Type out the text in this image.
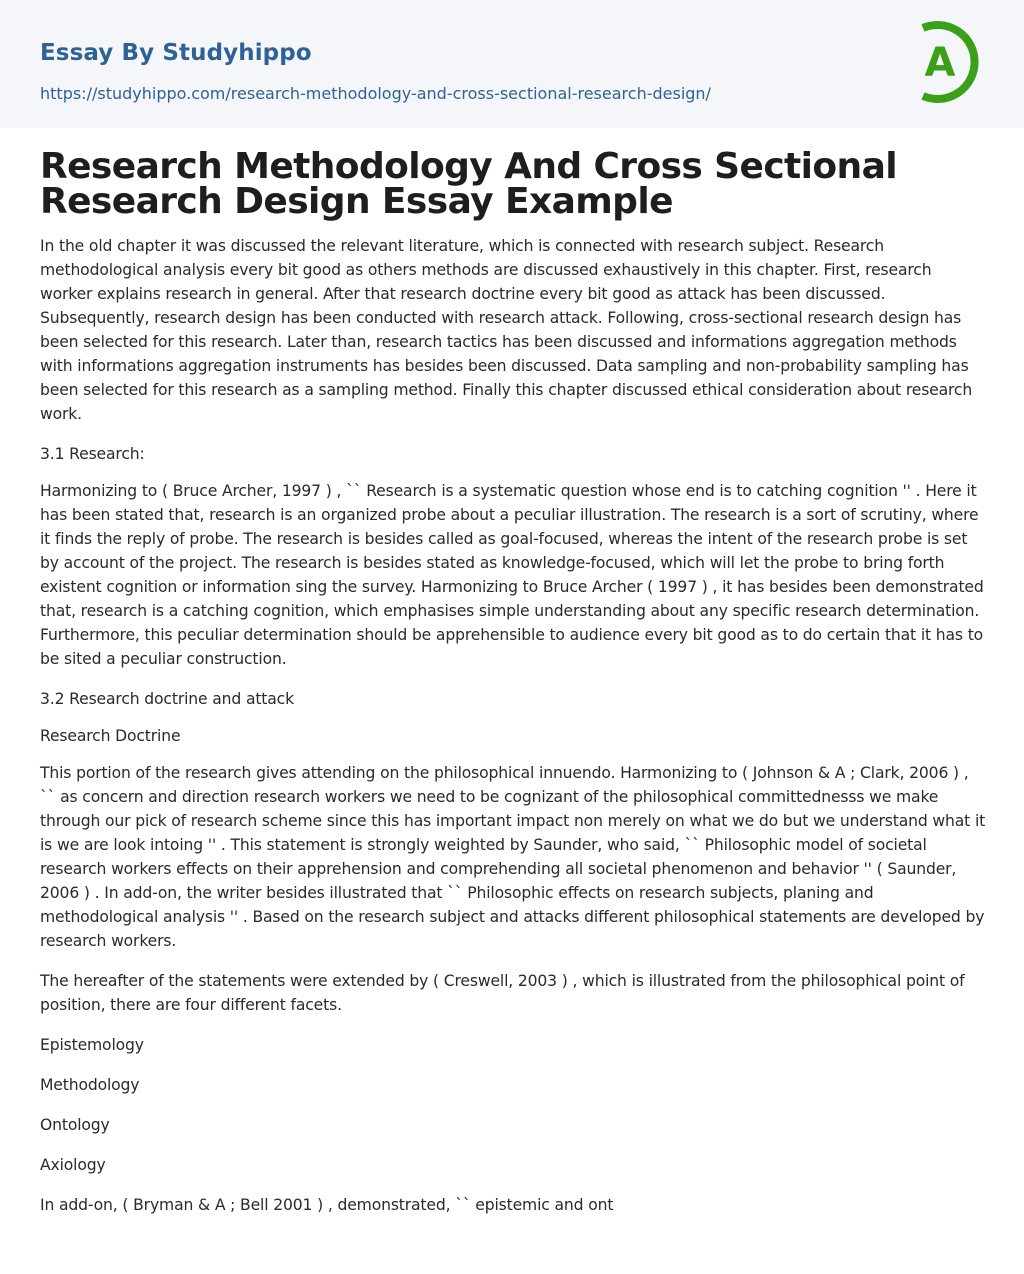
Essay By Studyhippo
https://studyhippo.com/research-methodology-and-cross-sectional-research-design/
A
Research Methodology And Cross Sectional Research Design Essay Example

In the old chapter it was discussed the relevant literature, which is connected with research subject. Research methodological analysis every bit good as others methods are discussed exhaustively in this chapter. First, research worker explains research in general. After that research doctrine every bit good as attack has been discussed. Subsequently, research design has been conducted with research attack. Following, cross-sectional research design has been selected for this research. Later than, research tactics has been discussed and informations aggregation methods with informations aggregation instruments has besides been discussed. Data sampling and non-probability sampling has been selected for this research as a sampling method. Finally this chapter discussed ethical consideration about research work.

3.1 Research:

Harmonizing to ( Bruce Archer, 1997 ) , `` Research is a systematic question whose end is to catching cognition '' . Here it has been stated that, research is an organized probe about a peculiar illustration. The research is a sort of scrutiny, where it finds the reply of probe. The research is besides called as goal-focused, whereas the intent of the research probe is set by account of the project. The research is besides stated as knowledge-focused, which will let the probe to bring forth existent cognition or information sing the survey. Harmonizing to Bruce Archer ( 1997 ) , it has besides been demonstrated that, research is a catching cognition, which emphasises simple understanding about any specific research determination. Furthermore, this peculiar determination should be apprehensible to audience every bit good as to do certain that it has to be sited a peculiar construction.

3.2 Research doctrine and attack

Research Doctrine

This portion of the research gives attending on the philosophical innuendo. Harmonizing to ( Johnson & A ; Clark, 2006 ) , `` as concern and direction research workers we need to be cognizant of the philosophical committednesss we make through our pick of research scheme since this has important impact non merely on what we do but we understand what it is we are look intoing '' . This statement is strongly weighted by Saunder, who said, `` Philosophic model of societal research workers effects on their apprehension and comprehending all societal phenomenon and behavior '' ( Saunder, 2006 ) . In add-on, the writer besides illustrated that `` Philosophic effects on research subjects, planing and methodological analysis '' . Based on the research subject and attacks different philosophical statements are developed by research workers.

The hereafter of the statements were extended by ( Creswell, 2003 ) , which is illustrated from the philosophical point of position, there are four different facets.

Epistemology

Methodology

Ontology

Axiology

In add-on, ( Bryman & A ; Bell 2001 ) , demonstrated, `` epistemic and ont
